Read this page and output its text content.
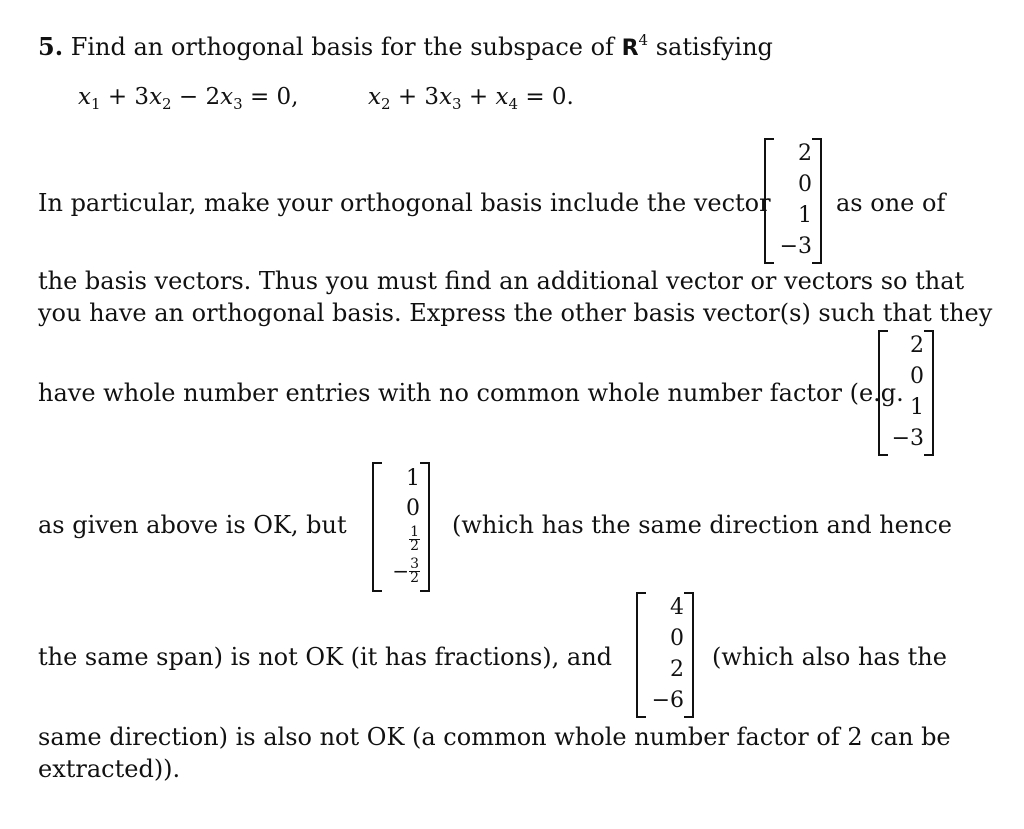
5. Find an orthogonal basis for the subspace of $R^4$ satisfying
$x_1 + 3x_2 - 2x_3 = 0$,	$x_2 + 3x_3 + x_4 = 0$.
In particular, make your orthogonal basis include the vector
2
0
1
−3
as one of
the basis vectors. Thus you must find an additional vector or vectors so that
you have an orthogonal basis. Express the other basis vector(s) such that they
have whole number entries with no common whole number factor (e.g.
2
0
1
−3
as given above is OK, but
1
0
$\frac{1}{2}$
− $\frac{3}{2}$
(which has the same direction and hence
the same span) is not OK (it has fractions), and
4
0
2
−6
(which also has the
same direction) is also not OK (a common whole number factor of 2 can be
extracted)).
